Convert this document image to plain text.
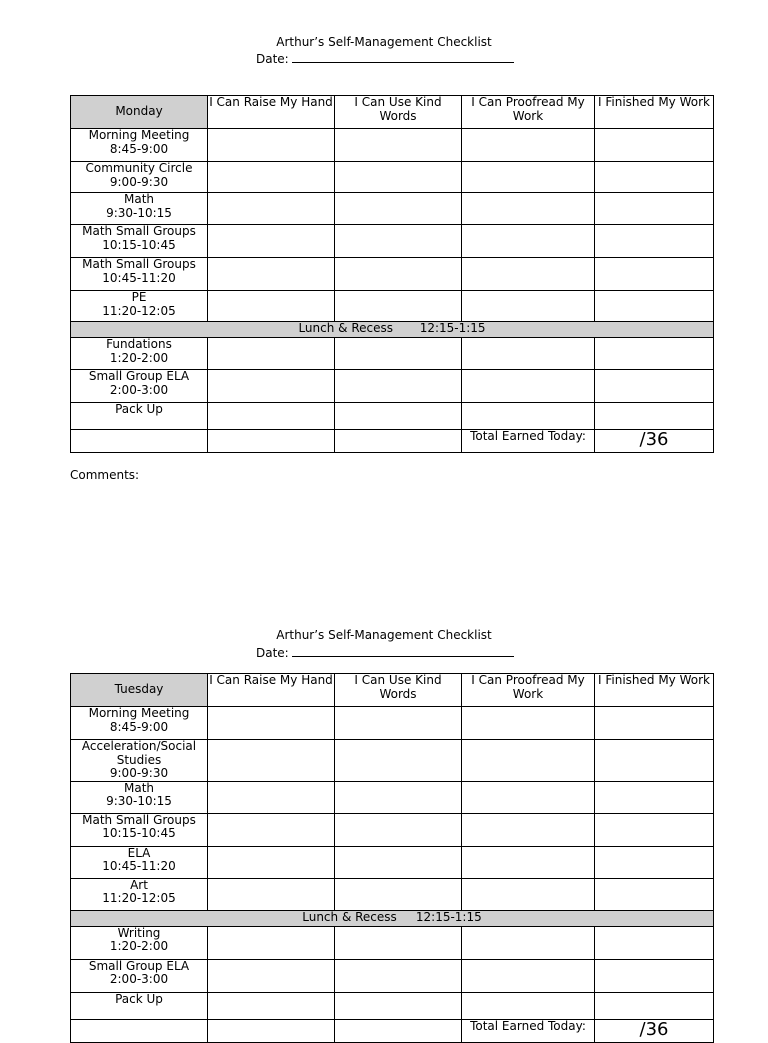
Arthur’s Self-Management Checklist
Date:
Monday	I Can Raise My Hand	I Can Use Kind Words	I Can Proofread My Work	I Finished My Work

Morning Meeting
8:45-9:00				

Community Circle
9:00-9:30				

Math
9:30-10:15				

Math Small Groups
10:15-10:45				

Math Small Groups
10:45-11:20				

PE
11:20-12:05				

Lunch & Recess 12:15-1:15				

Fundations
1:20-2:00				

Small Group ELA
2:00-3:00				

Pack Up				

			Total Earned Today:	/36
Comments:
Arthur’s Self-Management Checklist
Date:
Tuesday	I Can Raise My Hand	I Can Use Kind Words	I Can Proofread My Work	I Finished My Work

Morning Meeting
8:45-9:00				

Acceleration/Social Studies
9:00-9:30				

Math
9:30-10:15				

Math Small Groups
10:15-10:45				

ELA
10:45-11:20				

Art
11:20-12:05				

Lunch & Recess 12:15-1:15				

Writing
1:20-2:00				

Small Group ELA
2:00-3:00				

Pack Up				

			Total Earned Today:	/36
